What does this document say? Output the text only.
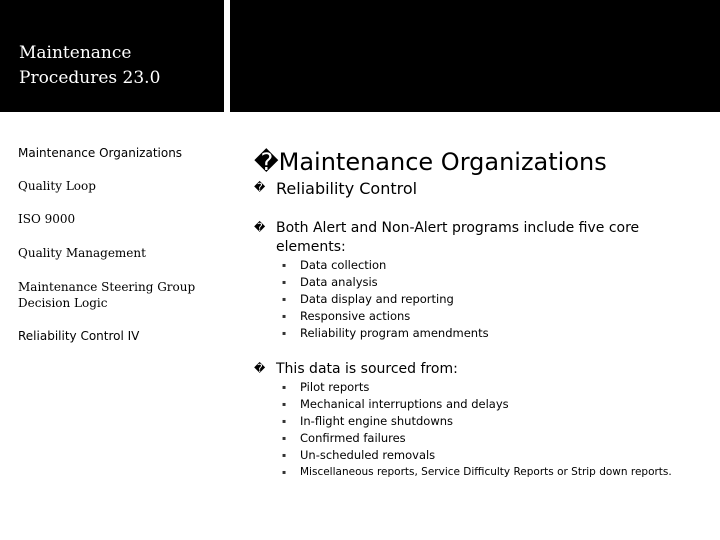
Maintenance
Procedures 23.0
Maintenance Organizations
Quality Loop
ISO 9000
Quality Management
Maintenance Steering Group
Decision Logic
Reliability Control IV
�Maintenance Organizations
� Reliability Control
� Both Alert and Non-Alert programs include five core
elements:
▪ Data collection
▪ Data analysis
▪ Data display and reporting
▪ Responsive actions
▪ Reliability program amendments
� This data is sourced from:
▪ Pilot reports
▪ Mechanical interruptions and delays
▪ In-flight engine shutdowns
▪ Confirmed failures
▪ Un-scheduled removals
▪ Miscellaneous reports, Service Difficulty Reports or Strip down reports.
